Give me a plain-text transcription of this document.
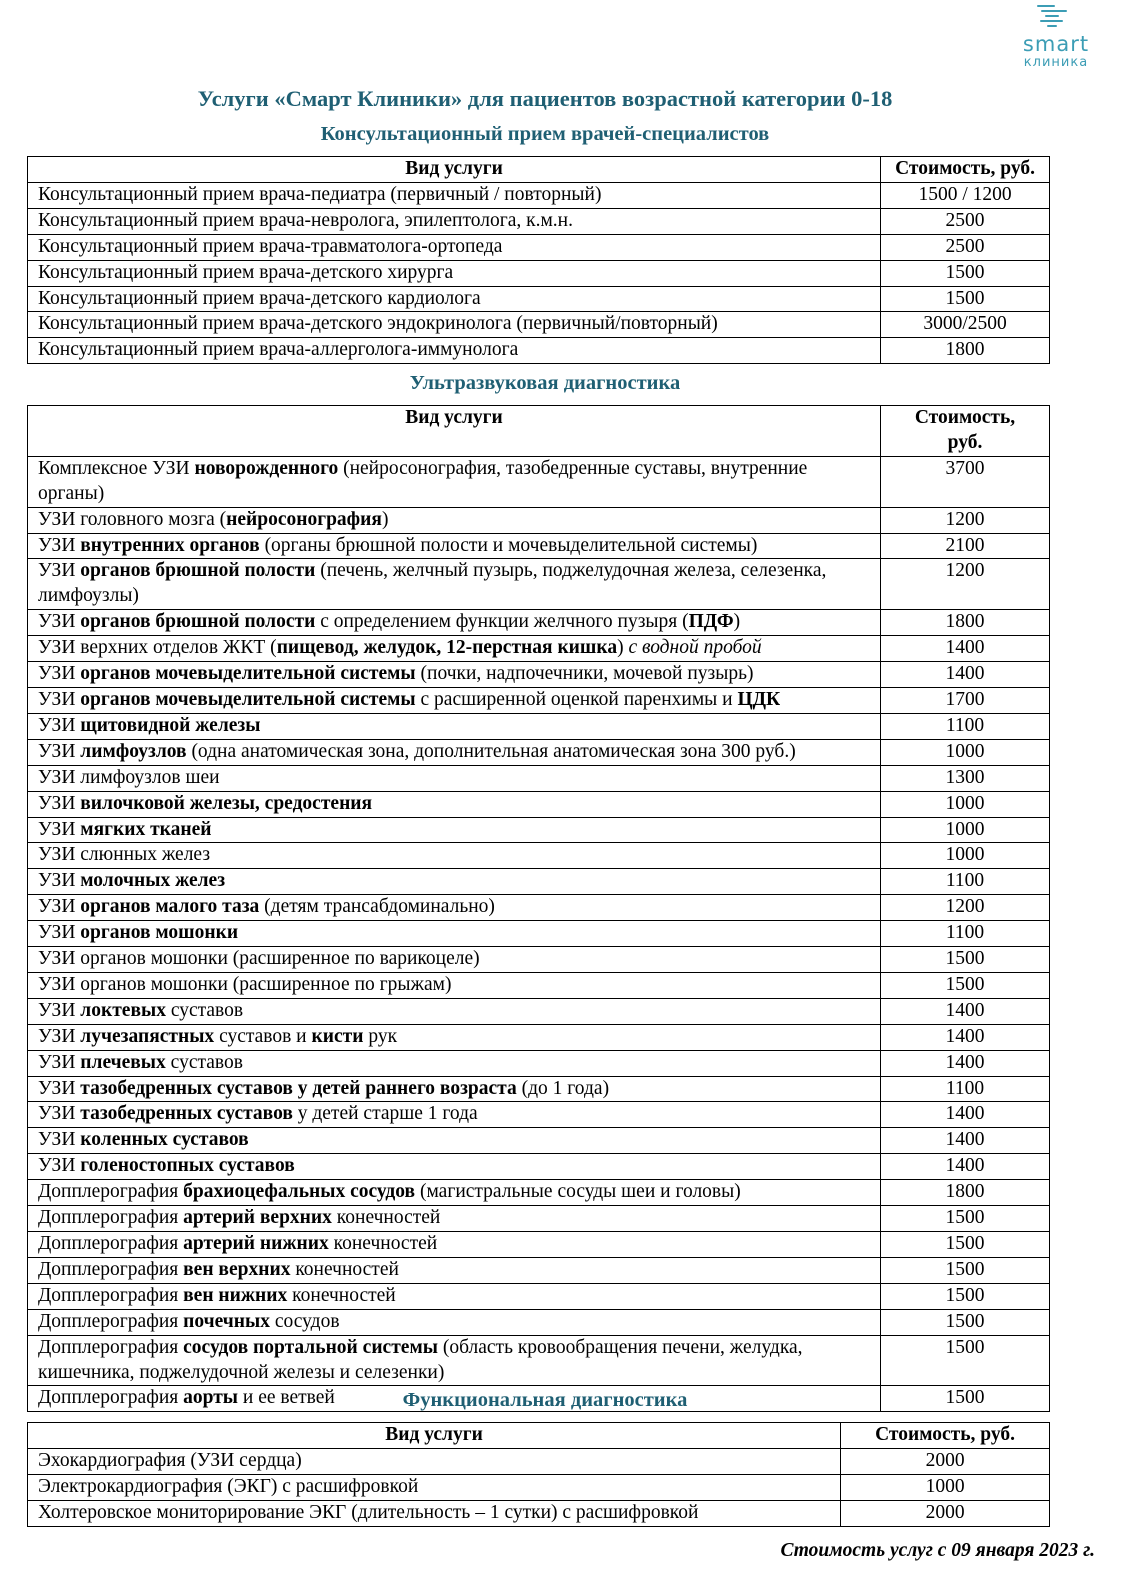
smart
клиника
Услуги «Смарт Клиники» для пациентов возрастной категории 0-18
Консультационный прием врачей-специалистов
Вид услуги	Стоимость, руб.
Консультационный прием врача-педиатра (первичный / повторный)	1500 / 1200
Консультационный прием врача-невролога, эпилептолога, к.м.н.	2500
Консультационный прием врача-травматолога-ортопеда	2500
Консультационный прием врача-детского хирурга	1500
Консультационный прием врача-детского кардиолога	1500
Консультационный прием врача-детского эндокринолога (первичный/повторный)	3000/2500
Консультационный прием врача-аллерголога-иммунолога	1800
Ультразвуковая диагностика
Вид услуги	Стоимость, руб.
Комплексное УЗИ новорожденного (нейросонография, тазобедренные суставы, внутренние органы)	3700
УЗИ головного мозга (нейросонография)	1200
УЗИ внутренних органов (органы брюшной полости и мочевыделительной системы)	2100
УЗИ органов брюшной полости (печень, желчный пузырь, поджелудочная железа, селезенка, лимфоузлы)	1200
УЗИ органов брюшной полости с определением функции желчного пузыря (ПДФ)	1800
УЗИ верхних отделов ЖКТ (пищевод, желудок, 12-перстная кишка) с водной пробой	1400
УЗИ органов мочевыделительной системы (почки, надпочечники, мочевой пузырь)	1400
УЗИ органов мочевыделительной системы с расширенной оценкой паренхимы и ЦДК	1700
УЗИ щитовидной железы	1100
УЗИ лимфоузлов (одна анатомическая зона, дополнительная анатомическая зона 300 руб.)	1000
УЗИ лимфоузлов шеи	1300
УЗИ вилочковой железы, средостения	1000
УЗИ мягких тканей	1000
УЗИ слюнных желез	1000
УЗИ молочных желез	1100
УЗИ органов малого таза (детям трансабдоминально)	1200
УЗИ органов мошонки	1100
УЗИ органов мошонки (расширенное по варикоцеле)	1500
УЗИ органов мошонки (расширенное по грыжам)	1500
УЗИ локтевых суставов	1400
УЗИ лучезапястных суставов и кисти рук	1400
УЗИ плечевых суставов	1400
УЗИ тазобедренных суставов у детей раннего возраста (до 1 года)	1100
УЗИ тазобедренных суставов у детей старше 1 года	1400
УЗИ коленных суставов	1400
УЗИ голеностопных суставов	1400
Допплерография брахиоцефальных сосудов (магистральные сосуды шеи и головы)	1800
Допплерография артерий верхних конечностей	1500
Допплерография артерий нижних конечностей	1500
Допплерография вен верхних конечностей	1500
Допплерография вен нижних конечностей	1500
Допплерография почечных сосудов	1500
Допплерография сосудов портальной системы (область кровообращения печени, желудка, кишечника, поджелудочной железы и селезенки)	1500
Допплерография аорты и ее ветвей	1500
Функциональная диагностика
Вид услуги	Стоимость, руб.
Эхокардиография (УЗИ сердца)	2000
Электрокардиография (ЭКГ) с расшифровкой	1000
Холтеровское мониторирование ЭКГ (длительность – 1 сутки) с расшифровкой	2000
Стоимость услуг с 09 января 2023 г.
